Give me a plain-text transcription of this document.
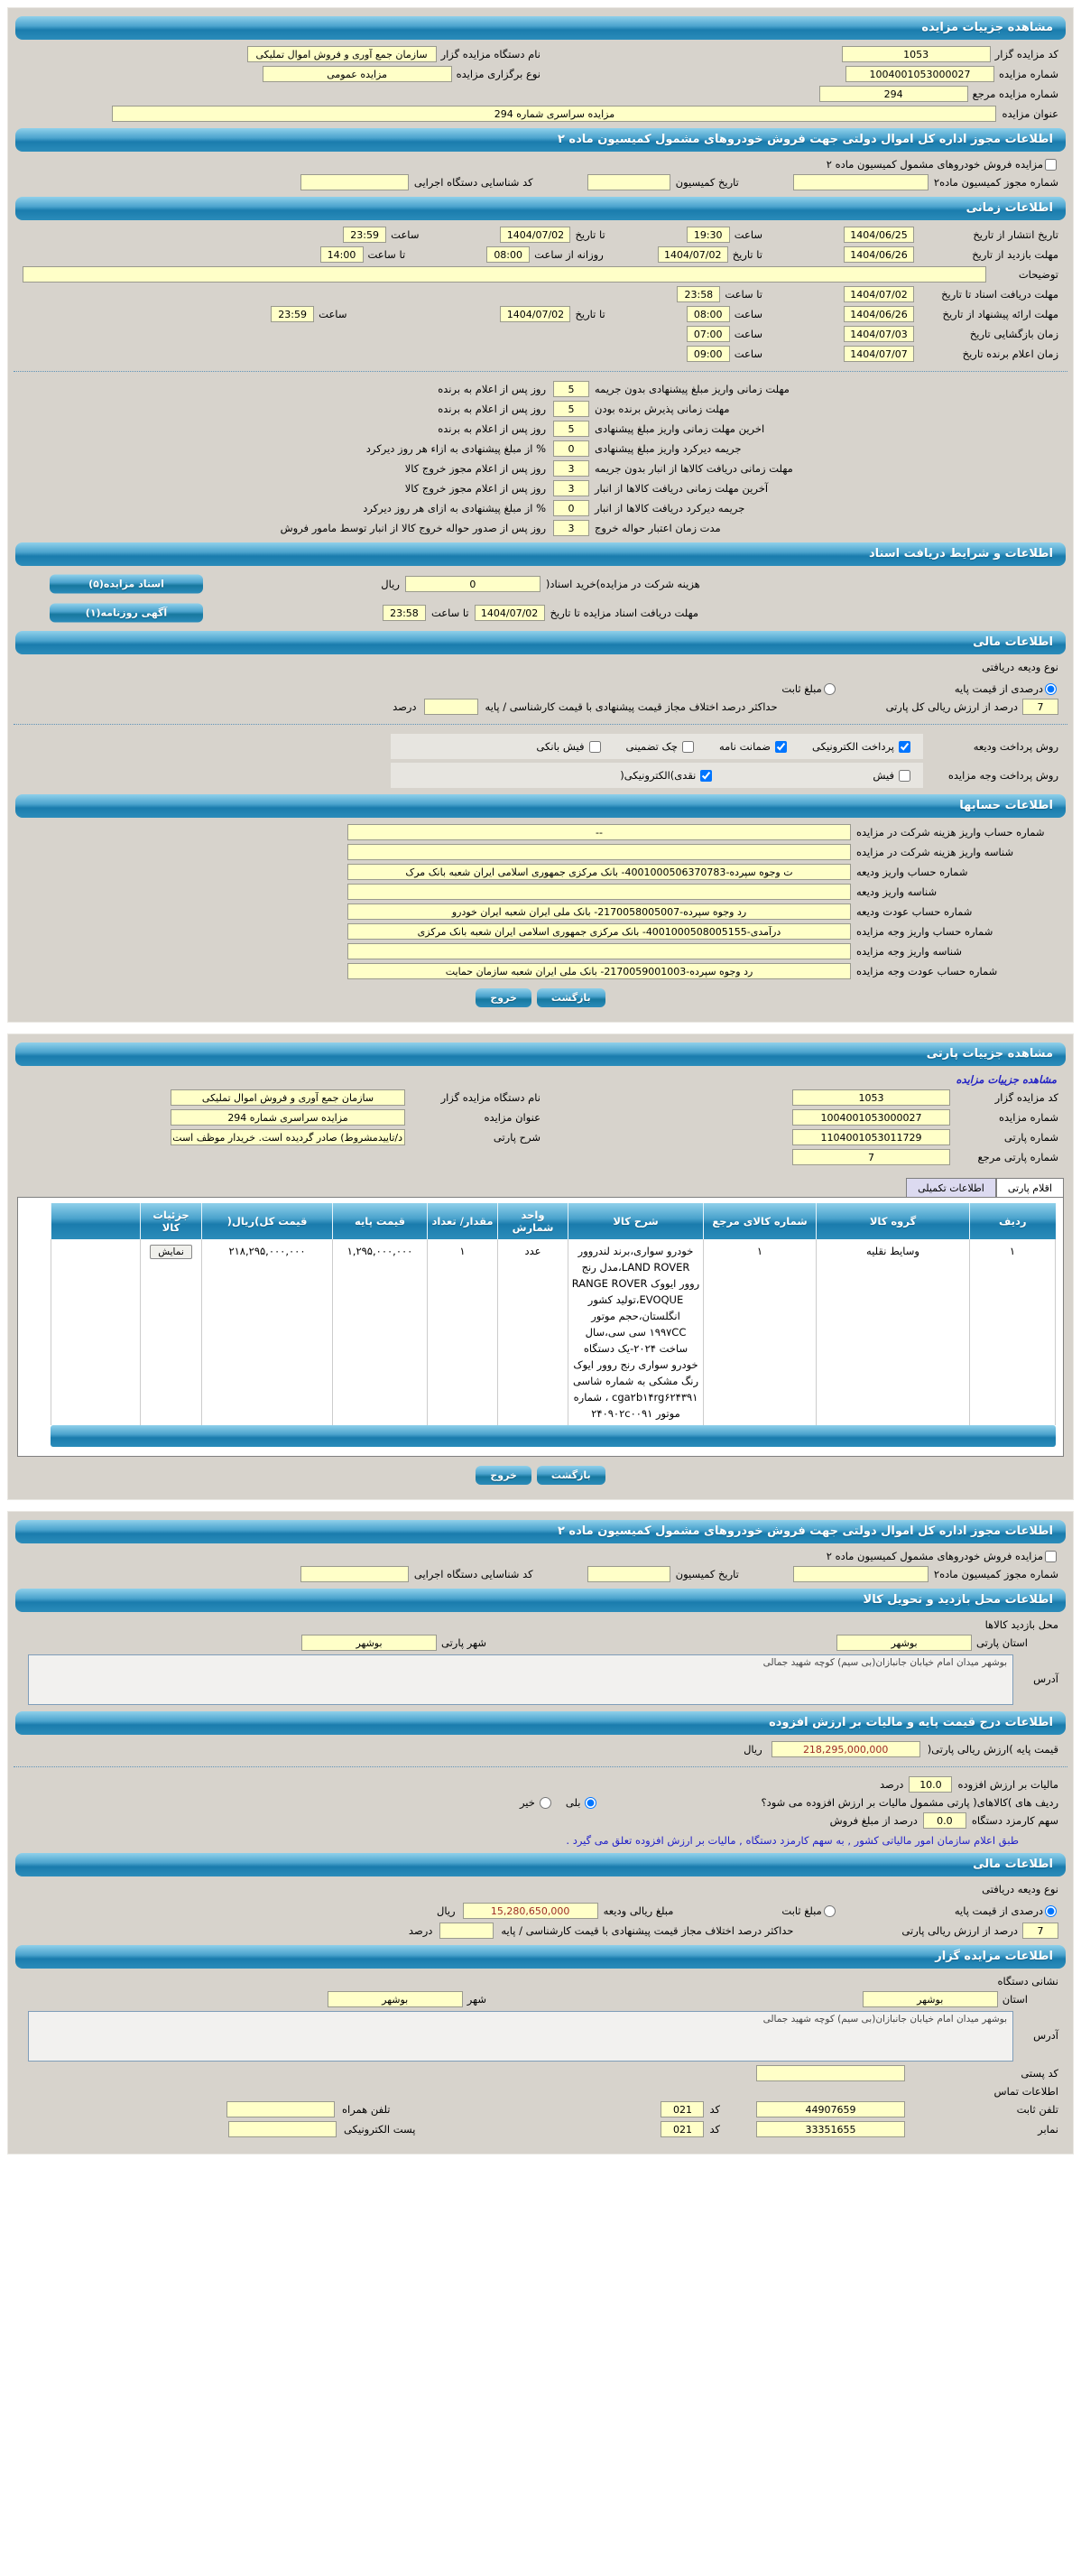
مشاهده جزییات مزایده
کد مزایده گزار
1053
نام دستگاه مزایده گزار
سازمان جمع آوری و فروش اموال تملیکی
شماره مزایده
1004001053000027
نوع برگزاری مزایده
مزایده عمومی
شماره مزایده مرجع
294
عنوان مزایده
مزایده سراسری شماره 294
اطلاعات مجوز اداره کل اموال دولتی جهت فروش خودروهای مشمول کمیسیون ماده ۲
مزایده فروش خودروهای مشمول کمیسیون ماده ۲
شماره مجوز کمیسیون ماده۲
تاریخ کمیسیون
کد شناسایی دستگاه اجرایی
اطلاعات زمانی
تاریخ انتشار از تاریخ
1404/06/25
ساعت
19:30
تا تاریخ
1404/07/02
ساعت
23:59
مهلت بازدید از تاریخ
1404/06/26
تا تاریخ
1404/07/02
روزانه از ساعت
08:00
تا ساعت
14:00
توضیحات
مهلت دریافت اسناد تا تاریخ
1404/07/02
تا ساعت
23:58
مهلت ارائه پیشنهاد از تاریخ
1404/06/26
ساعت
08:00
تا تاریخ
1404/07/02
ساعت
23:59
زمان بازگشایی تاریخ
1404/07/03
ساعت
07:00
زمان اعلام برنده تاریخ
1404/07/07
ساعت
09:00
مهلت زمانی واریز مبلغ پیشنهادی بدون جریمه
5
روز پس از اعلام به برنده
مهلت زمانی پذیرش برنده بودن
5
روز پس از اعلام به برنده
اخرین مهلت زمانی واریز مبلغ پیشنهادی
5
روز پس از اعلام به برنده
جریمه دیرکرد واریز مبلغ پیشنهادی
0
% از مبلغ پیشنهادی به ازاء هر روز دیرکرد
مهلت زمانی دریافت کالاها از انبار بدون جریمه
3
روز پس از اعلام مجوز خروج کالا
آخرین مهلت زمانی دریافت کالاها از انبار
3
روز پس از اعلام مجوز خروج کالا
جریمه دیرکرد دریافت کالاها از انبار
0
% از مبلغ پیشنهادی به ازای هر روز دیرکرد
مدت زمان اعتبار حواله خروج
3
روز پس از صدور حواله خروج کالا از انبار توسط مامور فروش
اطلاعات و شرایط دریافت اسناد
هزینه شرکت در مزایده)خرید اسناد(
0
ریال
اسناد مزایده(۵)
مهلت دریافت اسناد مزایده تا تاریخ
1404/07/02
تا ساعت
23:58
آگهی روزنامه(۱)
اطلاعات مالی
نوع ودیعه دریافتی
درصدی از قیمت پایه
مبلغ ثابت
7
درصد از ارزش ریالی کل پارتی
حداکثر درصد اختلاف مجاز قیمت پیشنهادی با قیمت کارشناسی / پایه
درصد
روش پرداخت ودیعه
پرداخت الکترونیکی
ضمانت نامه
چک تضمینی
فیش بانکی
روش پرداخت وجه مزایده
فیش
نقدی)الکترونیکی(
اطلاعات حسابها
شماره حساب واریز هزینه شرکت در مزایده
--
شناسه واریز هزینه شرکت در مزایده
شماره حساب واریز ودیعه
ت وجوه سپرده-4001000506370783- بانک مرکزی جمهوری اسلامی ایران شعبه بانک مرک
شناسه واریز ودیعه
شماره حساب عودت ودیعه
رد وجوه سپرده-2170058005007- بانک ملی ایران شعبه ایران خودرو
شماره حساب واریز وجه مزایده
درآمدی-4001000508005155- بانک مرکزی جمهوری اسلامی ایران شعبه بانک مرکزی
شناسه واریز وجه مزایده
شماره حساب عودت وجه مزایده
رد وجوه سپرده-2170059001003- بانک ملی ایران شعبه سازمان حمایت
بازگشت
خروج
مشاهده جزییات پارتی
مشاهده جزییات مزایده
کد مزایده گزار
1053
نام دستگاه مزایده گزار
سازمان جمع آوری و فروش اموال تملیکی
شماره مزایده
1004001053000027
عنوان مزایده
مزایده سراسری شماره 294
شماره پارتی
1104001053011729
شرح پارتی
د/تاییدمشروط) صادر گردیده است. خریدار موظف است ضمن تکمیل فر
شماره پارتی مرجع
7
اقلام پارتی
اطلاعات تکمیلی
ردیف	گروه کالا	شماره کالای مرجع	شرح کالا	واحد شمارش	مقدار/ تعداد	قیمت پایه	قیمت کل)ریال(	جزئیات کالا	
۱	وسایط نقلیه	۱	خودرو سواری،برند لندروور LAND ROVER،مدل رنج روور ایووک RANGE ROVER EVOQUE،تولید کشور انگلستان،حجم موتور ۱۹۹۷CC سی سی،سال ساخت ۲۰۲۴-یک دستگاه خودرو سواری رنج روور ایوک رنگ مشکی به شماره شاسی cga۲b۱۴rg۶۲۴۳۹۱ ، شماره موتور ۲۴۰۹۰۲c۰۰۹۱	عدد	۱	۱,۲۹۵,۰۰۰,۰۰۰	۲۱۸,۲۹۵,۰۰۰,۰۰۰	نمایش	
بازگشت
خروج
اطلاعات مجوز اداره کل اموال دولتی جهت فروش خودروهای مشمول کمیسیون ماده ۲
مزایده فروش خودروهای مشمول کمیسیون ماده ۲
شماره مجوز کمیسیون ماده۲
تاریخ کمیسیون
کد شناسایی دستگاه اجرایی
اطلاعات محل بازدید و تحویل کالا
محل بازدید کالاها
استان پارتی
بوشهر
شهر پارتی
بوشهر
آدرس
بوشهر میدان امام خیابان جانبازان(بی سیم) کوچه شهید جمالی
اطلاعات درج قیمت پایه و مالیات بر ارزش افزوده
قیمت پایه )ارزش ریالی پارتی(
218,295,000,000
ریال
مالیات بر ارزش افزوده
10.0
درصد
ردیف های )کالاهای( پارتی مشمول مالیات بر ارزش افزوده می شود؟
بلی
خیر
سهم کارمزد دستگاه
0.0
درصد از مبلغ فروش
طبق اعلام سازمان امور مالیاتی کشور , به سهم کارمزد دستگاه , مالیات بر ارزش افزوده تعلق می گیرد .
اطلاعات مالی
نوع ودیعه دریافتی
درصدی از قیمت پایه
مبلغ ثابت
مبلغ ریالی ودیعه
15,280,650,000
ریال
7
درصد از ارزش ریالی پارتی
حداکثر درصد اختلاف مجاز قیمت پیشنهادی با قیمت کارشناسی / پایه
درصد
اطلاعات مزایده گزار
نشانی دستگاه
استان
بوشهر
شهر
بوشهر
آدرس
بوشهر میدان امام خیابان جانبازان(بی سیم) کوچه شهید جمالی
کد پستی
اطلاعات تماس
تلفن ثابت
44907659
کد
021
تلفن همراه
نمابر
33351655
کد
021
پست الکترونیکی
